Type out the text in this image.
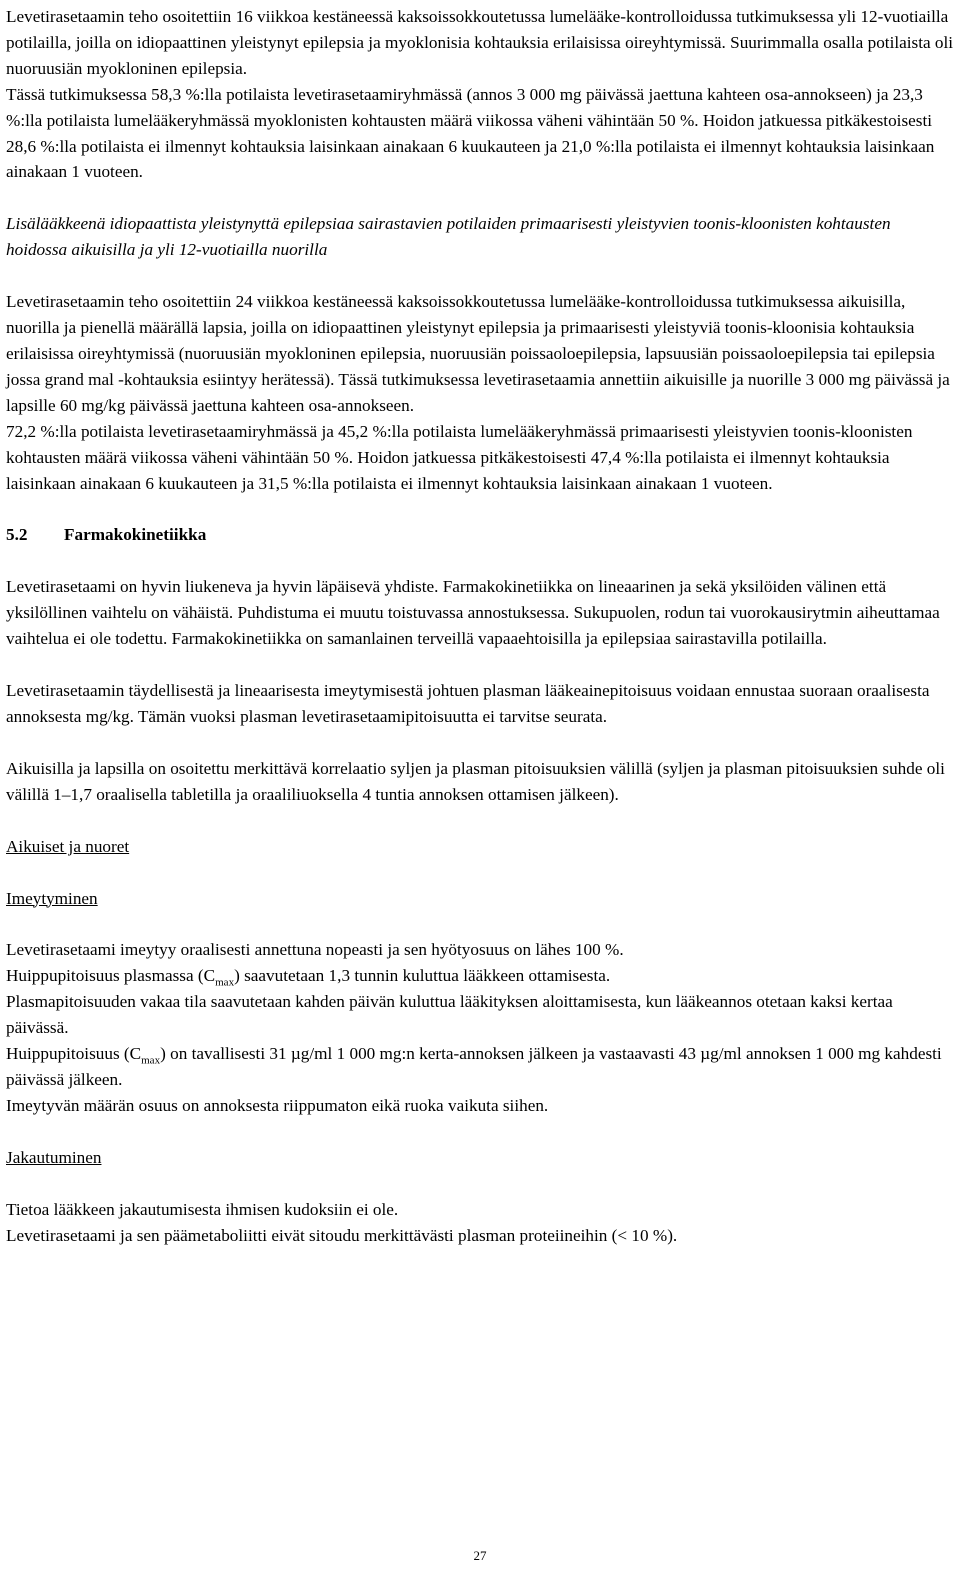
Levetirasetaamin teho osoitettiin 16 viikkoa kestäneessä kaksoissokkoutetussa lumelääke-kontrolloidussa tutkimuksessa yli 12-vuotiailla potilailla, joilla on idiopaattinen yleistynyt epilepsia ja myoklonisia kohtauksia erilaisissa oireyhtymissä. Suurimmalla osalla potilaista oli nuoruusiän myokloninen epilepsia.

Tässä tutkimuksessa 58,3 %:lla potilaista levetirasetaamiryhmässä (annos 3 000 mg päivässä jaettuna kahteen osa-annokseen) ja 23,3 %:lla potilaista lumelääkeryhmässä myoklonisten kohtausten määrä viikossa väheni vähintään 50 %. Hoidon jatkuessa pitkäkestoisesti 28,6 %:lla potilaista ei ilmennyt kohtauksia laisinkaan ainakaan 6 kuukauteen ja 21,0 %:lla potilaista ei ilmennyt kohtauksia laisinkaan ainakaan 1 vuoteen.

Lisälääkkeenä idiopaattista yleistynyttä epilepsiaa sairastavien potilaiden primaarisesti yleistyvien toonis-kloonisten kohtausten hoidossa aikuisilla ja yli 12-vuotiailla nuorilla

Levetirasetaamin teho osoitettiin 24 viikkoa kestäneessä kaksoissokkoutetussa lumelääke-kontrolloidussa tutkimuksessa aikuisilla, nuorilla ja pienellä määrällä lapsia, joilla on idiopaattinen yleistynyt epilepsia ja primaarisesti yleistyviä toonis-kloonisia kohtauksia erilaisissa oireyhtymissä (nuoruusiän myokloninen epilepsia, nuoruusiän poissaoloepilepsia, lapsuusiän poissaoloepilepsia tai epilepsia jossa grand mal -kohtauksia esiintyy herätessä). Tässä tutkimuksessa levetirasetaamia annettiin aikuisille ja nuorille 3 000 mg päivässä ja lapsille 60 mg/kg päivässä jaettuna kahteen osa-annokseen.

72,2 %:lla potilaista levetirasetaamiryhmässä ja 45,2 %:lla potilaista lumelääkeryhmässä primaarisesti yleistyvien toonis-kloonisten kohtausten määrä viikossa väheni vähintään 50 %. Hoidon jatkuessa pitkäkestoisesti 47,4 %:lla potilaista ei ilmennyt kohtauksia laisinkaan ainakaan 6 kuukauteen ja 31,5 %:lla potilaista ei ilmennyt kohtauksia laisinkaan ainakaan 1 vuoteen.

5.2	Farmakokinetiikka

Levetirasetaami on hyvin liukeneva ja hyvin läpäisevä yhdiste. Farmakokinetiikka on lineaarinen ja sekä yksilöiden välinen että yksilöllinen vaihtelu on vähäistä. Puhdistuma ei muutu toistuvassa annostuksessa. Sukupuolen, rodun tai vuorokausirytmin aiheuttamaa vaihtelua ei ole todettu. Farmakokinetiikka on samanlainen terveillä vapaaehtoisilla ja epilepsiaa sairastavilla potilailla.

Levetirasetaamin täydellisestä ja lineaarisesta imeytymisestä johtuen plasman lääkeainepitoisuus voidaan ennustaa suoraan oraalisesta annoksesta mg/kg. Tämän vuoksi plasman levetirasetaamipitoisuutta ei tarvitse seurata.

Aikuisilla ja lapsilla on osoitettu merkittävä korrelaatio syljen ja plasman pitoisuuksien välillä (syljen ja plasman pitoisuuksien suhde oli välillä 1–1,7 oraalisella tabletilla ja oraaliliuoksella 4 tuntia annoksen ottamisen jälkeen).

Aikuiset ja nuoret

Imeytyminen

Levetirasetaami imeytyy oraalisesti annettuna nopeasti ja sen hyötyosuus on lähes 100 %.

Huippupitoisuus plasmassa $(C_{max})$ saavutetaan 1,3 tunnin kuluttua lääkkeen ottamisesta.

Plasmapitoisuuden vakaa tila saavutetaan kahden päivän kuluttua lääkityksen aloittamisesta, kun lääkeannos otetaan kaksi kertaa päivässä.

Huippupitoisuus $(C_{max})$ on tavallisesti 31 µg/ml 1 000 mg:n kerta-annoksen jälkeen ja vastaavasti 43 µg/ml annoksen 1 000 mg kahdesti päivässä jälkeen.

Imeytyvän määrän osuus on annoksesta riippumaton eikä ruoka vaikuta siihen.

Jakautuminen

Tietoa lääkkeen jakautumisesta ihmisen kudoksiin ei ole.

Levetirasetaami ja sen päämetaboliitti eivät sitoudu merkittävästi plasman proteiineihin (< 10 %).

27
